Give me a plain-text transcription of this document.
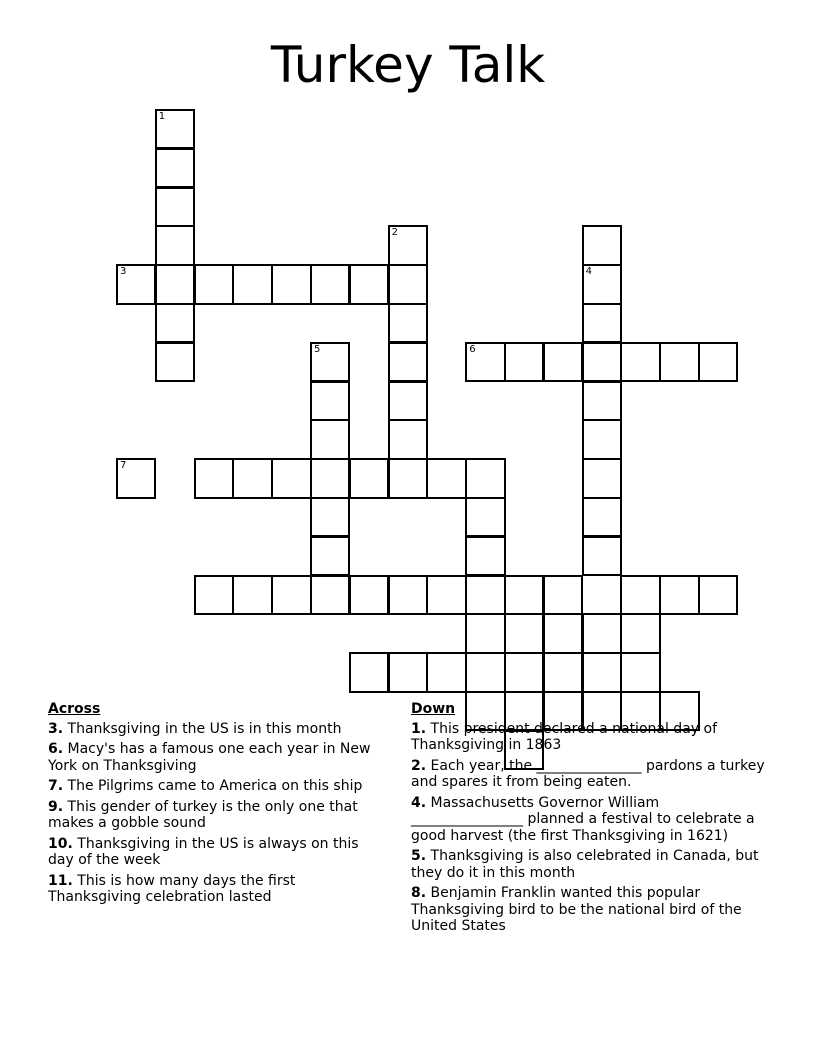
Turkey Talk
1
2
5
3	4
6
7
Across
3. Thanksgiving in the US is in this month
6. Macy's has a famous one each year in New York on Thanksgiving
7. The Pilgrims came to America on this ship
9. This gender of turkey is the only one that makes a gobble sound
10. Thanksgiving in the US is always on this day of the week
11. This is how many days the first Thanksgiving celebration lasted
Down
1. This president declared a national day of Thanksgiving in 1863
2. Each year, the _______________ pardons a turkey and spares it from being eaten.
4. Massachusetts Governor William ________________ planned a festival to celebrate a good harvest (the first Thanksgiving in 1621)
5. Thanksgiving is also celebrated in Canada, but they do it in this month
8. Benjamin Franklin wanted this popular Thanksgiving bird to be the national bird of the United States
